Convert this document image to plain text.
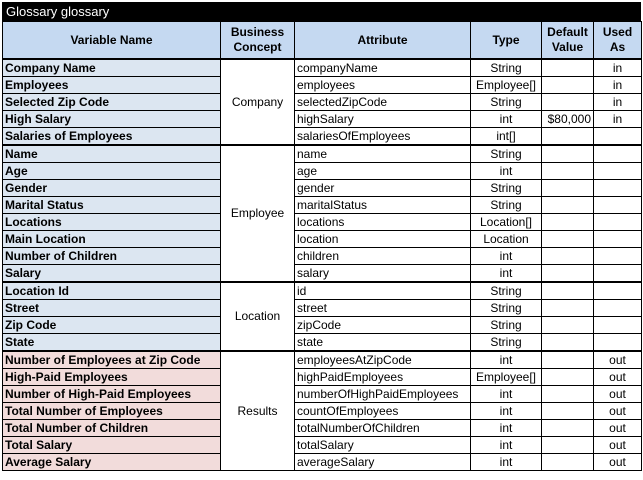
Glossary glossary
Variable Name	Business Concept	Attribute	Type	Default Value	Used As
Company Name	Company	companyName	String		in
Employees		employees	Employee[]		in
Selected Zip Code		selectedZipCode	String		in
High Salary		highSalary	int	$80,000	in
Salaries of Employees		salariesOfEmployees	int[]		
Name	Employee	name	String		
Age		age	int		
Gender		gender	String		
Marital Status		maritalStatus	String		
Locations		locations	Location[]		
Main Location		location	Location		
Number of Children		children	int		
Salary		salary	int		
Location Id	Location	id	String		
Street		street	String		
Zip Code		zipCode	String		
State		state	String		
Number of Employees at Zip Code	Results	employeesAtZipCode	int		out
High-Paid Employees		highPaidEmployees	Employee[]		out
Number of High-Paid Employees		numberOfHighPaidEmployees	int		out
Total Number of Employees		countOfEmployees	int		out
Total Number of Children		totalNumberOfChildren	int		out
Total Salary		totalSalary	int		out
Average Salary		averageSalary	int		out
